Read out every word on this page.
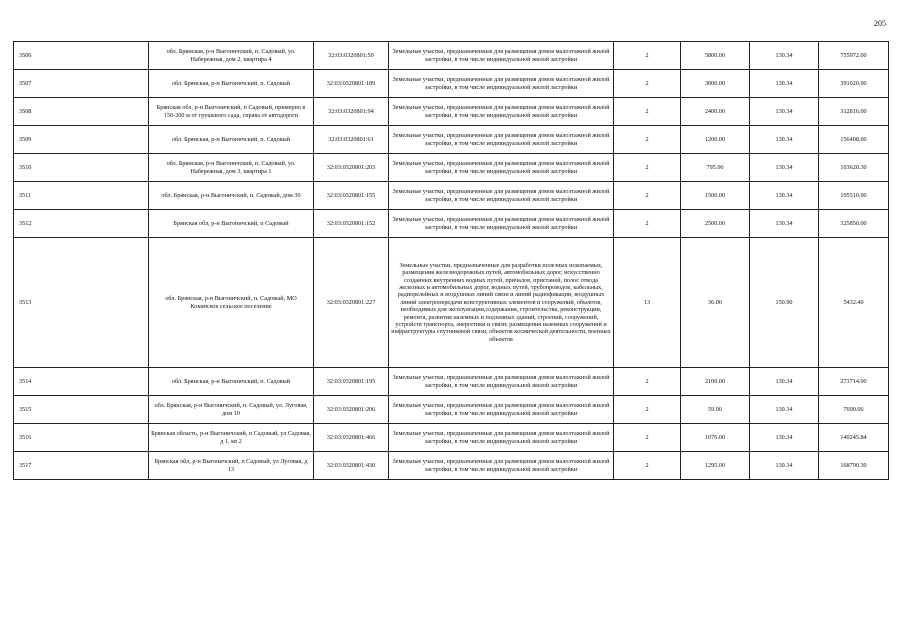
205
3506	обл. Брянская, р-н Выгоничский, п. Садовый, ул. Набережная, дом 2, квартира 4	32:03:0320801:50	Земельные участки, предназначенные для размещения домов малоэтажной жилой застройки, в том числе индивидуальной жилой застройки	2	5800.00	130.34	755972.00
3507	обл. Брянская, р-н Выгоничский, п. Садовый	32:03:0320801:189	Земельные участки, предназначенные для размещения домов малоэтажной жилой застройки, в том числе индивидуальной жилой застройки	2	3000.00	130.34	391020.00
3508	Брянская обл, р-н Выгоничский, п Садовый, примерно в 150-200 м от грушевого сада, справа от автодороги	32:03:0320801:94	Земельные участки, предназначенные для размещения домов малоэтажной жилой застройки, в том числе индивидуальной жилой застройки	2	2400.00	130.34	312816.00
3509	обл. Брянская, р-н Выгоничский, п. Садовый	32:03:0320801:61	Земельные участки, предназначенные для размещения домов малоэтажной жилой застройки, в том числе индивидуальной жилой застройки	2	1200.00	130.34	156408.00
3510	обл. Брянская, р-н Выгоничский, п. Садовый, ул. Набережная, дом 3, квартира 1	32:03:0320801:203	Земельные участки, предназначенные для размещения домов малоэтажной жилой застройки, в том числе индивидуальной жилой застройки	2	795.00	130.34	103620.30
3511	обл. Брянская, р-н Выгоничский, п. Садовый, дом 30	32:03:0320801:155	Земельные участки, предназначенные для размещения домов малоэтажной жилой застройки, в том числе индивидуальной жилой застройки	2	1500.00	130.34	195510.00
3512	Брянская обл, р-н Выгоничский, п Садовый	32:03:0320801:152	Земельные участки, предназначенные для размещения домов малоэтажной жилой застройки, в том числе индивидуальной жилой застройки	2	2500.00	130.34	325850.00
3513	обл. Брянская, р-н Выгоничский, п. Садовый, МО Кокинское сельское поселение	32:03:0320801:227	Земельные участки, предназначенные для разработки полезных ископаемых, размещения железнодорожных путей, автомобильных дорог, искусственно созданных внутренних водных путей, причалов, пристаней, полос отвода железных и автомобильных дорог, водных путей, трубопроводов, кабельных, радиорелейных и воздушных линий связи и линий радиофикации, воздушных линий электропередачи конструктивных элементов и сооружений, объектов, необходимых для эксплуатации,содержания, строительства, реконструкции, ремонта, развития наземных и подземных зданий, строений, сооружений, устройств транспорта, энергетики и связи; размещения наземных сооружений и инфраструктуры спутниковой связи, объектов космической деятельности, военных объектов	13	36.00	150.90	5432.40
3514	обл. Брянская, р-н Выгоничский, п. Садовый	32:03:0320801:195	Земельные участки, предназначенные для размещения домов малоэтажной жилой застройки, в том числе индивидуальной жилой застройки	2	2100.00	130.34	273714.00
3515	обл. Брянская, р-н Выгоничский, п. Садовый, ул. Луговая, дом 10	32:03:0320801:206	Земельные участки, предназначенные для размещения домов малоэтажной жилой застройки, в том числе индивидуальной жилой застройки	2	59.00	130.34	7690.06
3516	Брянская область, р-н Выгоничский, п Садовый, ул Садовая, д 1, кв 2	32:03:0320801:466	Земельные участки, предназначенные для размещения домов малоэтажной жилой застройки, в том числе индивидуальной жилой застройки	2	1076.00	130.34	140245.84
3517	Брянская обл, р-н Выгоничский, п Садовый, ул Луговая, д 13	32:03:0320801:430	Земельные участки, предназначенные для размещения домов малоэтажной жилой застройки, в том числе индивидуальной жилой застройки	2	1295.00	130.34	168790.30
